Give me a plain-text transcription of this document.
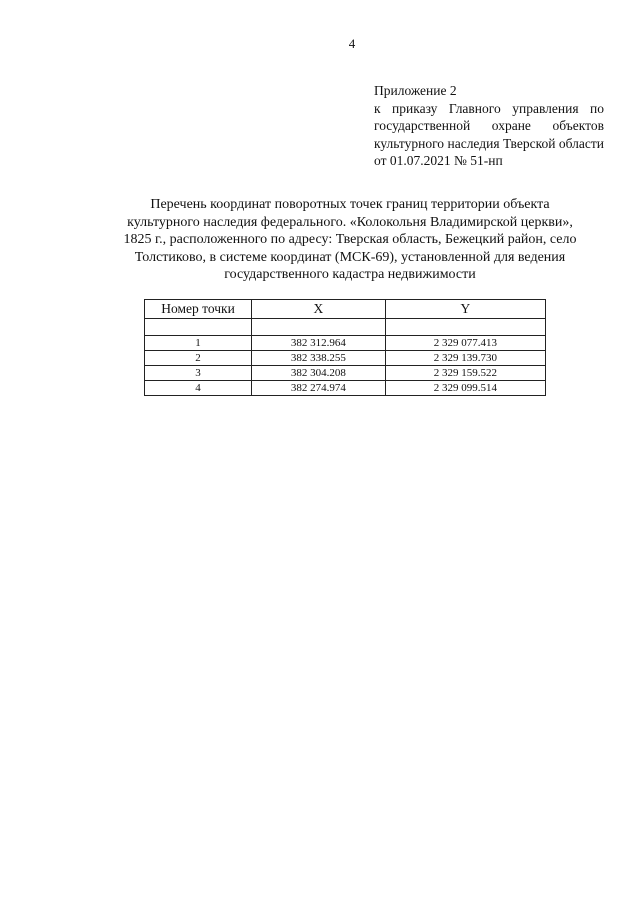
4
Приложение 2
к приказу Главного управления по государственной охране объектов культурного наследия Тверской области от 01.07.2021 № 51-нп
Перечень координат поворотных точек границ территории объекта
культурного наследия федерального. «Колокольня Владимирской церкви»,
1825 г., расположенного по адресу: Тверская область, Бежецкий район, село
Толстиково, в системе координат (МСК-69), установленной для ведения
государственного кадастра недвижимости
Номер точки	X	Y

1	382 312.964	2 329 077.413
2	382 338.255	2 329 139.730
3	382 304.208	2 329 159.522
4	382 274.974	2 329 099.514
